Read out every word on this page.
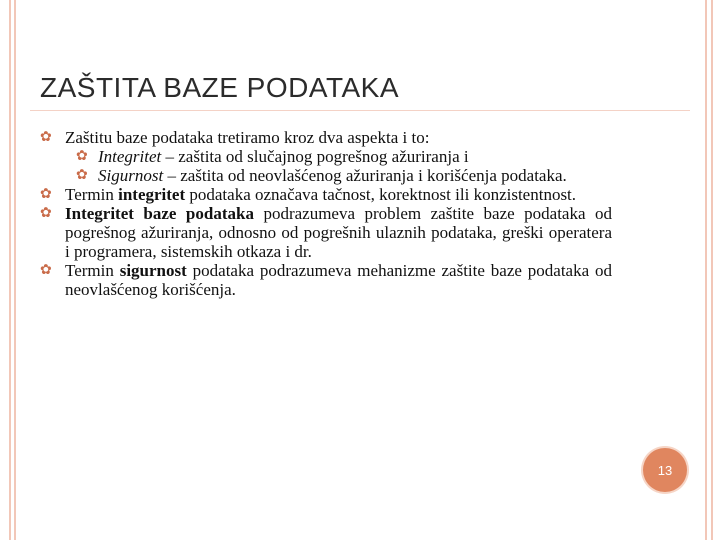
ZAŠTITA BAZE PODATAKA
✿ Zaštitu baze podataka tretiramo kroz dva aspekta i to:
✿ Integritet – zaštita od slučajnog pogrešnog ažuriranja i
✿ Sigurnost – zaštita od neovlašćenog ažuriranja i korišćenja podataka.
✿ Termin integritet podataka označava tačnost, korektnost ili konzistentnost.
✿ Integritet baze podataka podrazumeva problem zaštite baze podataka od pogrešnog ažuriranja, odnosno od pogrešnih ulaznih podataka, greški operatera i programera, sistemskih otkaza i dr.
✿ Termin sigurnost podataka podrazumeva mehanizme zaštite baze podataka od neovlašćenog korišćenja.
13
